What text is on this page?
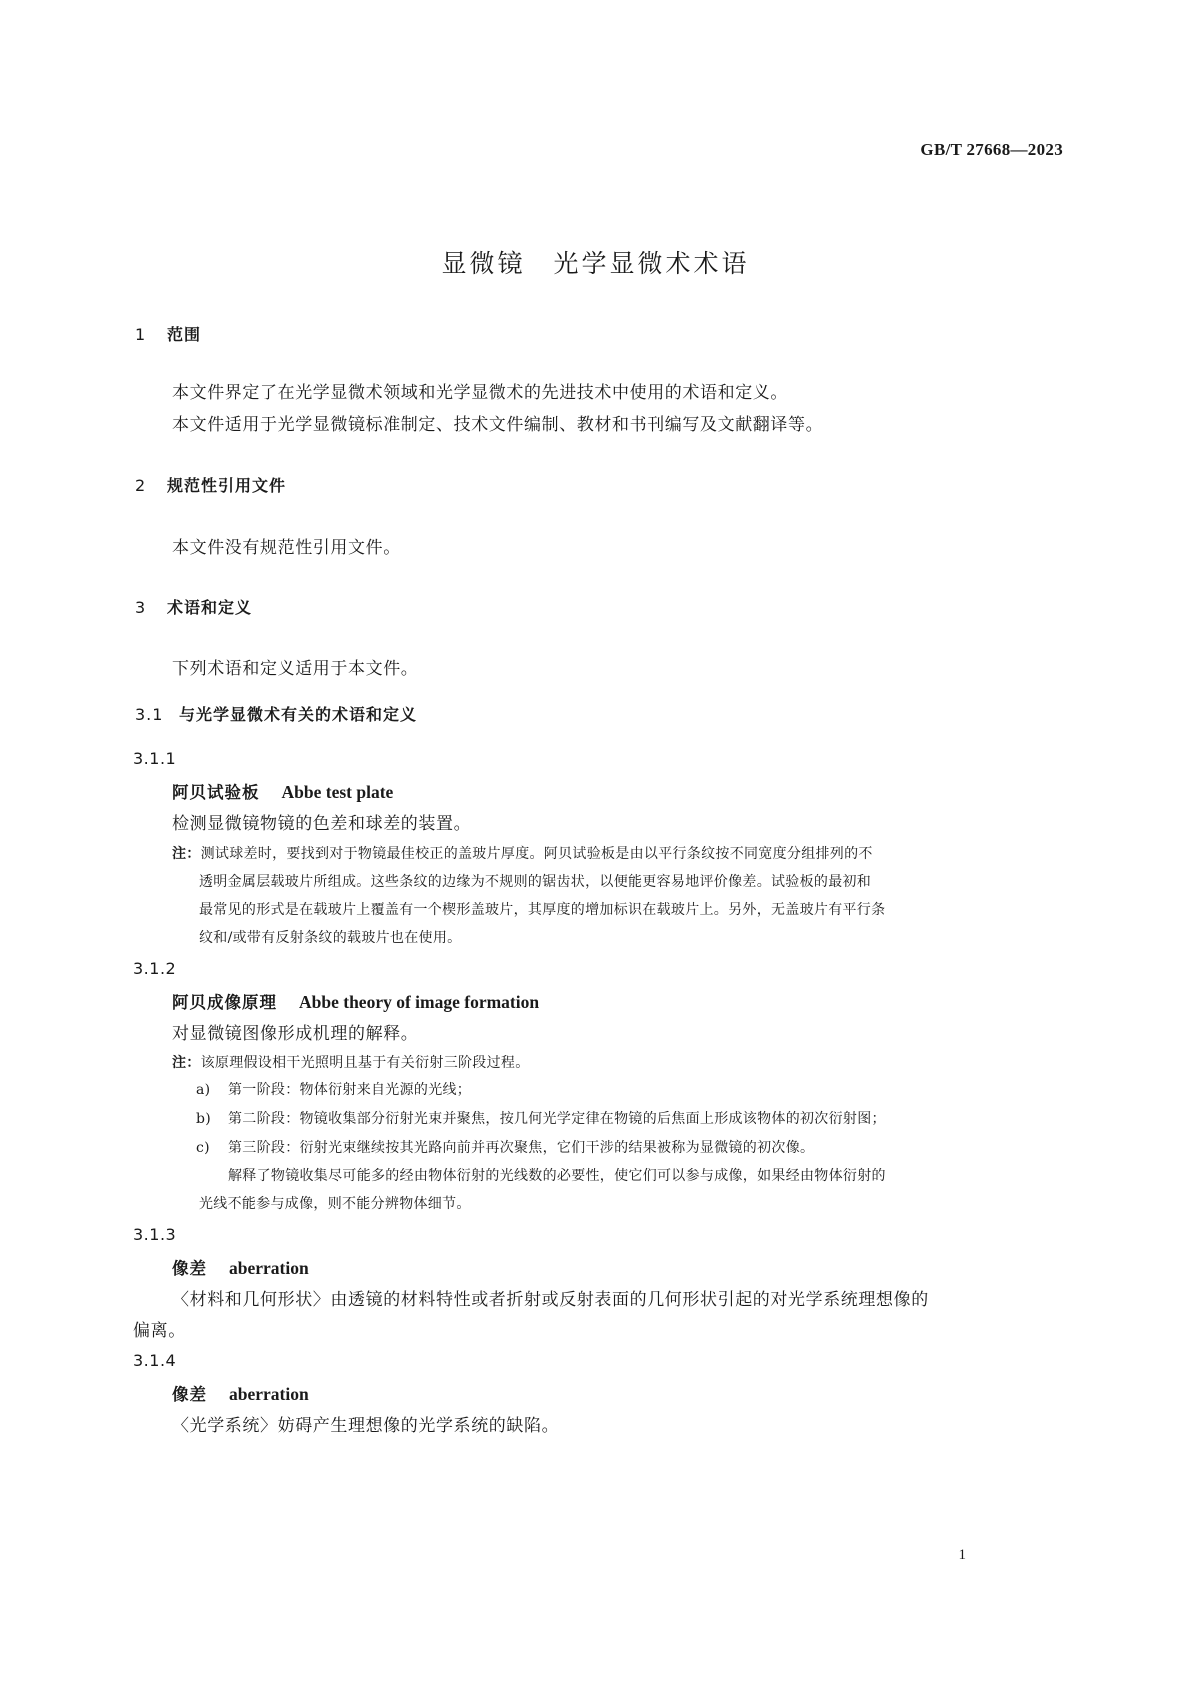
GB/T 27668—2023
显微镜　光学显微术术语
1 范围
本文件界定了在光学显微术领域和光学显微术的先进技术中使用的术语和定义。
本文件适用于光学显微镜标准制定、技术文件编制、教材和书刊编写及文献翻译等。
2 规范性引用文件
本文件没有规范性引用文件。
3 术语和定义
下列术语和定义适用于本文件。
3.1 与光学显微术有关的术语和定义
3.1.1
阿贝试验板 Abbe test plate
检测显微镜物镜的色差和球差的装置。
注：测试球差时，要找到对于物镜最佳校正的盖玻片厚度。阿贝试验板是由以平行条纹按不同宽度分组排列的不
透明金属层载玻片所组成。这些条纹的边缘为不规则的锯齿状，以便能更容易地评价像差。试验板的最初和
最常见的形式是在载玻片上覆盖有一个楔形盖玻片，其厚度的增加标识在载玻片上。另外，无盖玻片有平行条
纹和/或带有反射条纹的载玻片也在使用。
3.1.2
阿贝成像原理 Abbe theory of image formation
对显微镜图像形成机理的解释。
注：该原理假设相干光照明且基于有关衍射三阶段过程。
a) 第一阶段：物体衍射来自光源的光线；
b) 第二阶段：物镜收集部分衍射光束并聚焦，按几何光学定律在物镜的后焦面上形成该物体的初次衍射图；
c) 第三阶段：衍射光束继续按其光路向前并再次聚焦，它们干涉的结果被称为显微镜的初次像。
解释了物镜收集尽可能多的经由物体衍射的光线数的必要性，使它们可以参与成像，如果经由物体衍射的
光线不能参与成像，则不能分辨物体细节。
3.1.3
像差 aberration
〈材料和几何形状〉由透镜的材料特性或者折射或反射表面的几何形状引起的对光学系统理想像的
偏离。
3.1.4
像差 aberration
〈光学系统〉妨碍产生理想像的光学系统的缺陷。
1
